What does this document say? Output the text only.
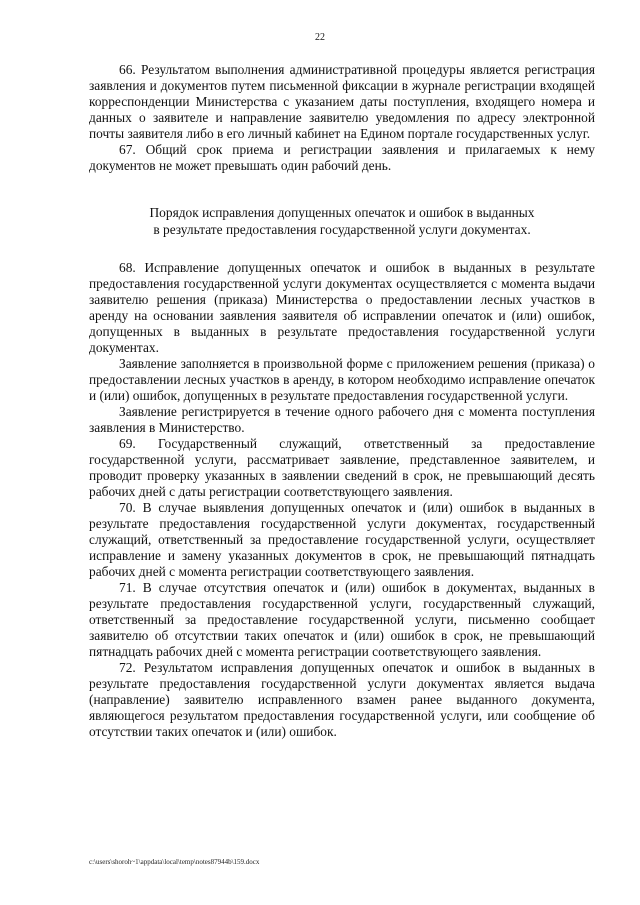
22

66. Результатом выполнения административной процедуры является регистрация заявления и документов путем письменной фиксации в журнале регистрации входящей корреспонденции Министерства с указанием даты поступления, входящего номера и данных о заявителе и направление заявителю уведомления по адресу электронной почты заявителя либо в его личный кабинет на Едином портале государственных услуг.

67. Общий срок приема и регистрации заявления и прилагаемых к нему документов не может превышать один рабочий день.

Порядок исправления допущенных опечаток и ошибок в выданных
в результате предоставления государственной услуги документах.

68. Исправление допущенных опечаток и ошибок в выданных в результате предоставления государственной услуги документах осуществляется с момента выдачи заявителю решения (приказа) Министерства о предоставлении лесных участков в аренду на основании заявления заявителя об исправлении опечаток и (или) ошибок, допущенных в выданных в результате предоставления государственной услуги документах.

Заявление заполняется в произвольной форме с приложением решения (приказа) о предоставлении лесных участков в аренду, в котором необходимо исправление опечаток и (или) ошибок, допущенных в результате предоставления государственной услуги.

Заявление регистрируется в течение одного рабочего дня с момента поступления заявления в Министерство.

69. Государственный служащий, ответственный за предоставление государственной услуги, рассматривает заявление, представленное заявителем, и проводит проверку указанных в заявлении сведений в срок, не превышающий десять рабочих дней с даты регистрации соответствующего заявления.

70. В случае выявления допущенных опечаток и (или) ошибок в выданных в результате предоставления государственной услуги документах, государственный служащий, ответственный за предоставление государственной услуги, осуществляет исправление и замену указанных документов в срок, не превышающий пятнадцать рабочих дней с момента регистрации соответствующего заявления.

71. В случае отсутствия опечаток и (или) ошибок в документах, выданных в результате предоставления государственной услуги, государственный служащий, ответственный за предоставление государственной услуги, письменно сообщает заявителю об отсутствии таких опечаток и (или) ошибок в срок, не превышающий пятнадцать рабочих дней с момента регистрации соответствующего заявления.

72. Результатом исправления допущенных опечаток и ошибок в выданных в результате предоставления государственной услуги документах является выдача (направление) заявителю исправленного взамен ранее выданного документа, являющегося результатом предоставления государственной услуги, или сообщение об отсутствии таких опечаток и (или) ошибок.

c:\users\shoroh~1\appdata\local\temp\notes87944b\159.docx
